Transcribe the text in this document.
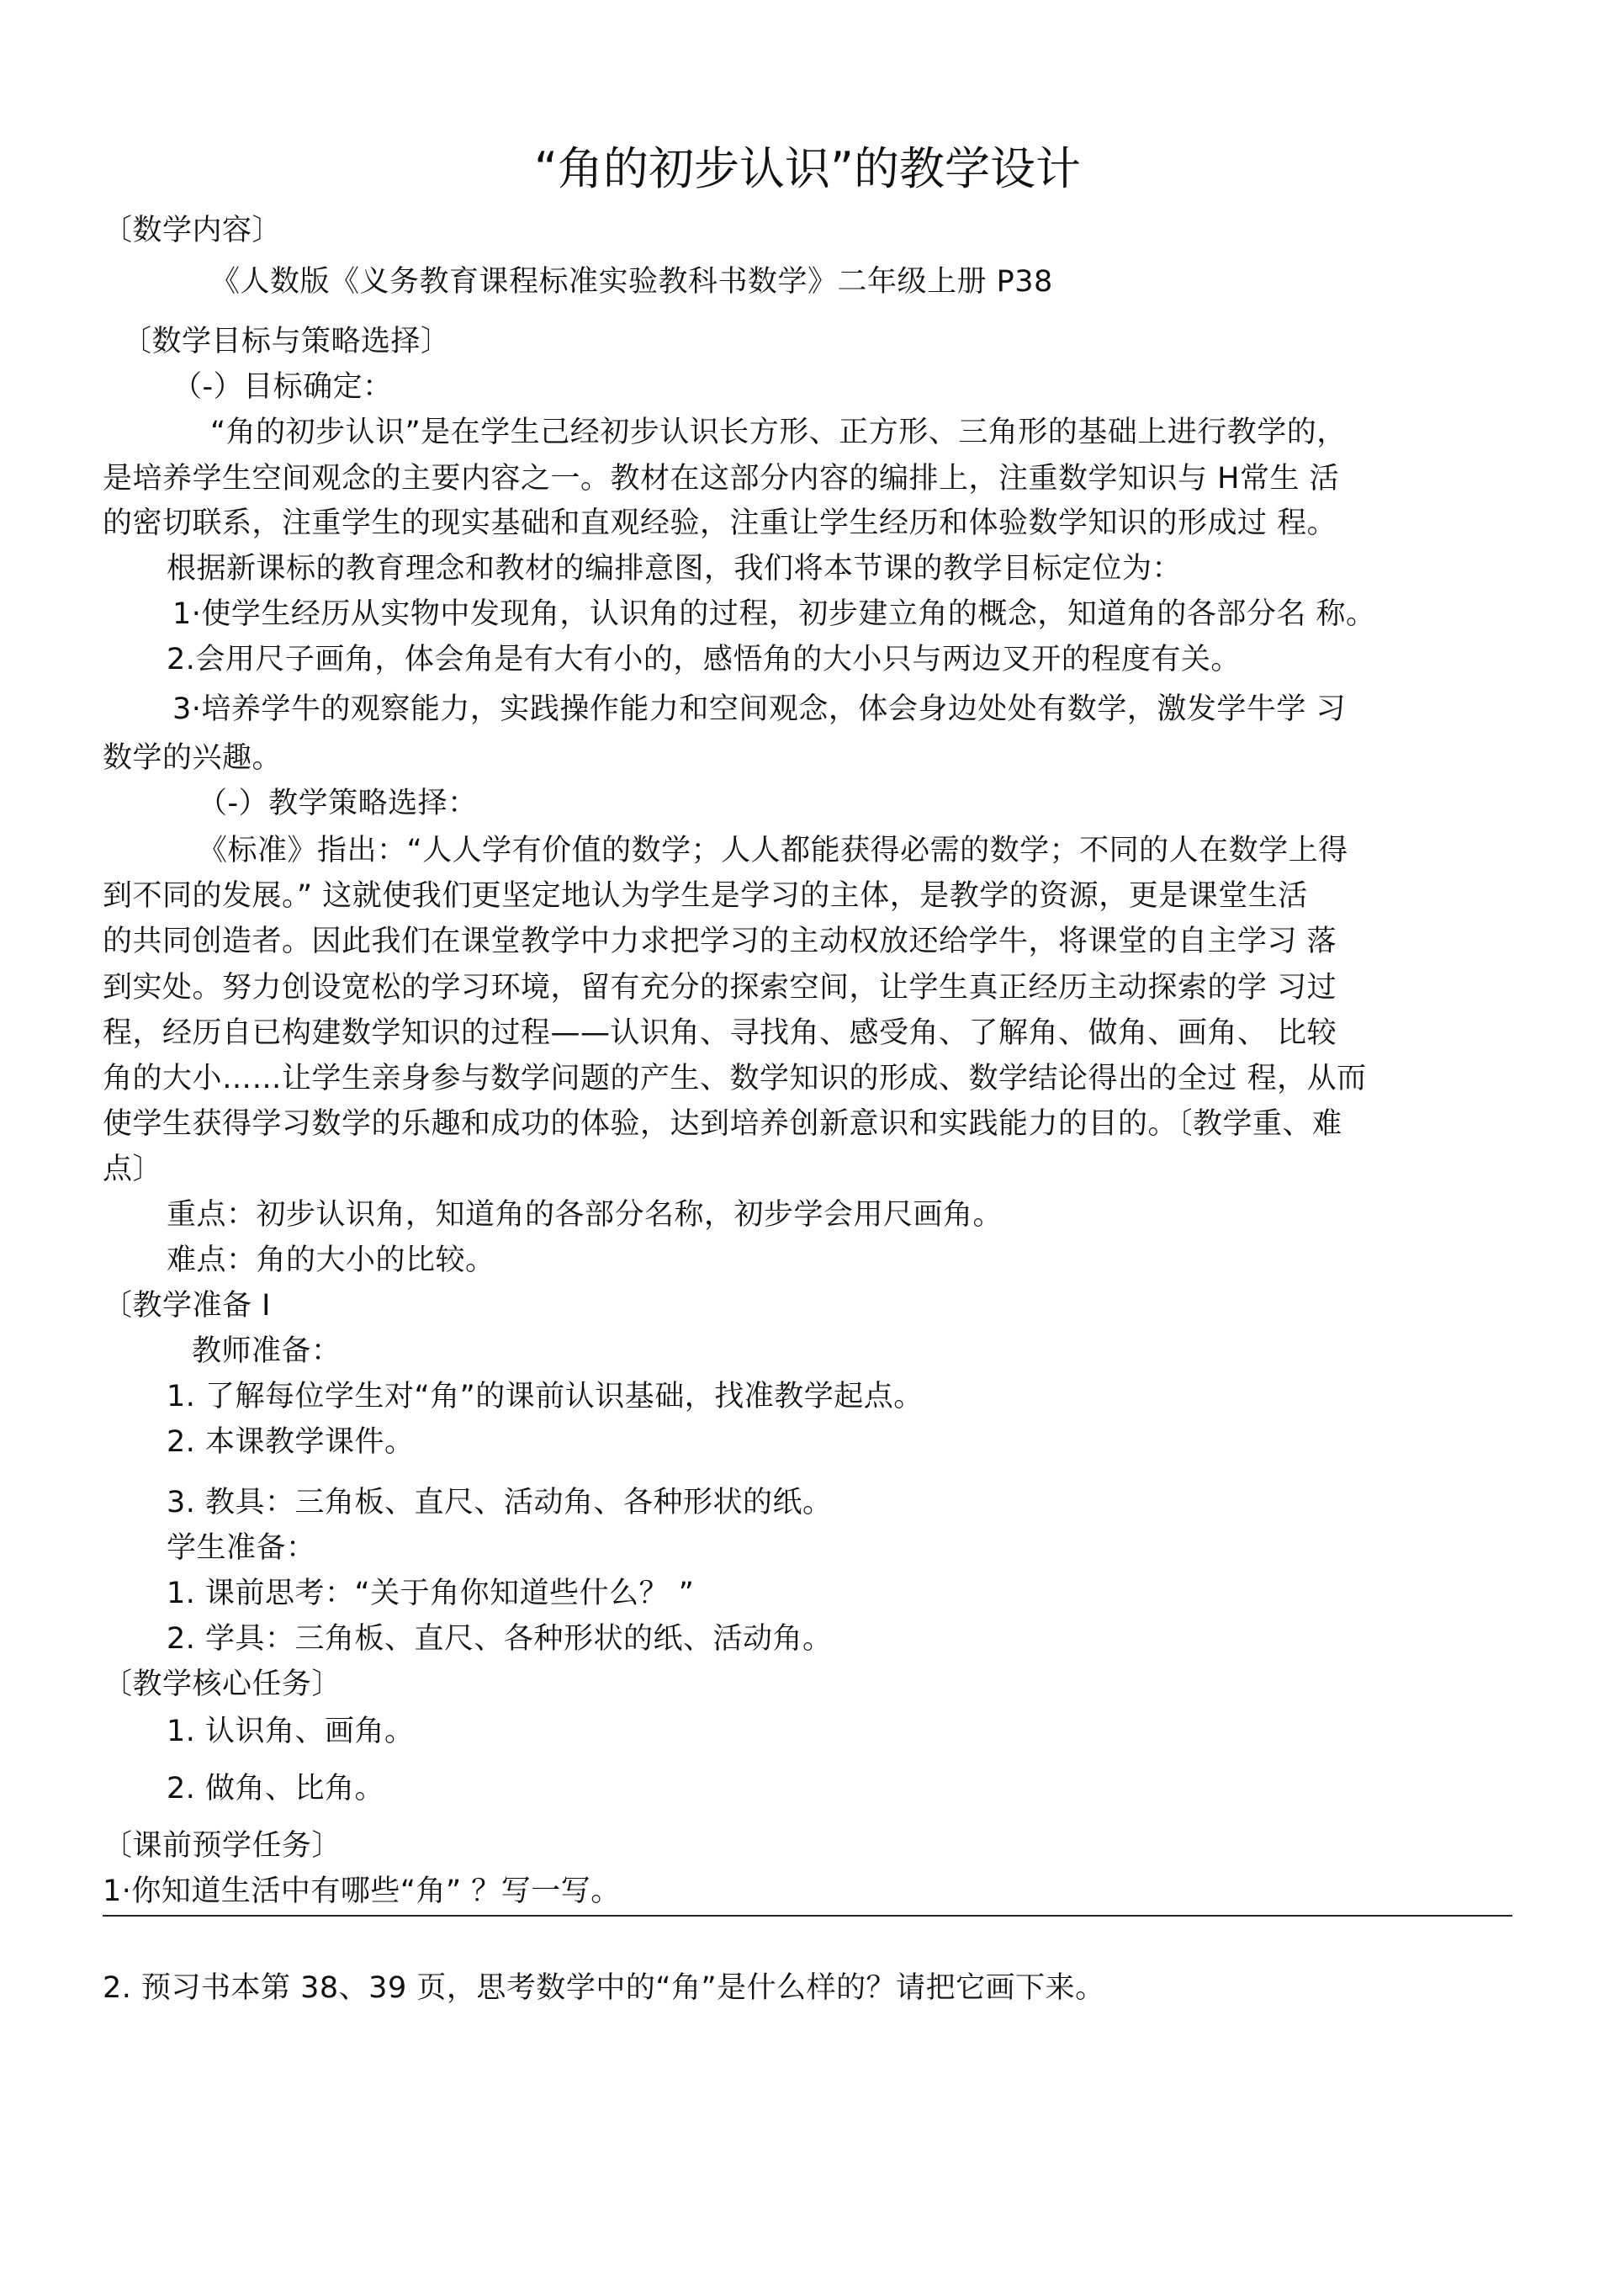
“角的初步认识”的教学设计
〔数学内容〕
《人数版《义务教育课程标准实验教科书数学》二年级上册 P38
〔数学目标与策略选择〕
（-）目标确定：
“角的初步认识”是在学生己经初步认识长方形、正方形、三角形的基础上进行教学的，
是培养学生空间观念的主要内容之一。教材在这部分内容的编排上，注重数学知识与 H常生 活
的密切联系，注重学生的现实基础和直观经验，注重让学生经历和体验数学知识的形成过 程。
根据新课标的教育理念和教材的编排意图，我们将本节课的教学目标定位为：
1·使学生经历从实物中发现角，认识角的过程，初步建立角的概念，知道角的各部分名 称。
2.会用尺子画角，体会角是有大有小的，感悟角的大小只与两边叉开的程度有关。
3·培养学牛的观察能力，实践操作能力和空间观念，体会身边处处有数学，激发学牛学 习
数学的兴趣。
（-）教学策略选择：
《标准》指出：“人人学有价值的数学；人人都能获得必需的数学；不同的人在数学上得
到不同的发展。” 这就使我们更坚定地认为学生是学习的主体，是教学的资源，更是课堂生活
的共同创造者。因此我们在课堂教学中力求把学习的主动权放还给学牛，将课堂的自主学习 落
到实处。努力创设宽松的学习环境，留有充分的探索空间，让学生真正经历主动探索的学 习过
程，经历自已构建数学知识的过程——认识角、寻找角、感受角、了解角、做角、画角、 比较
角的大小……让学生亲身参与数学问题的产生、数学知识的形成、数学结论得出的全过 程，从而
使学生获得学习数学的乐趣和成功的体验，达到培养创新意识和实践能力的目的。〔教学重、难
点〕
重点：初步认识角，知道角的各部分名称，初步学会用尺画角。
难点：角的大小的比较。
〔教学准备 I
教师准备：
1. 了解每位学生对“角”的课前认识基础，找准教学起点。
2. 本课教学课件。
3. 教具：三角板、直尺、活动角、各种形状的纸。
学生准备：
1. 课前思考：“关于角你知道些什么？ ”
2. 学具：三角板、直尺、各种形状的纸、活动角。
〔教学核心任务〕
1. 认识角、画角。
2. 做角、比角。
〔课前预学任务〕
1·你知道生活中有哪些“角” ？写一写。
2. 预习书本第 38、39 页，思考数学中的“角”是什么样的？请把它画下来。
